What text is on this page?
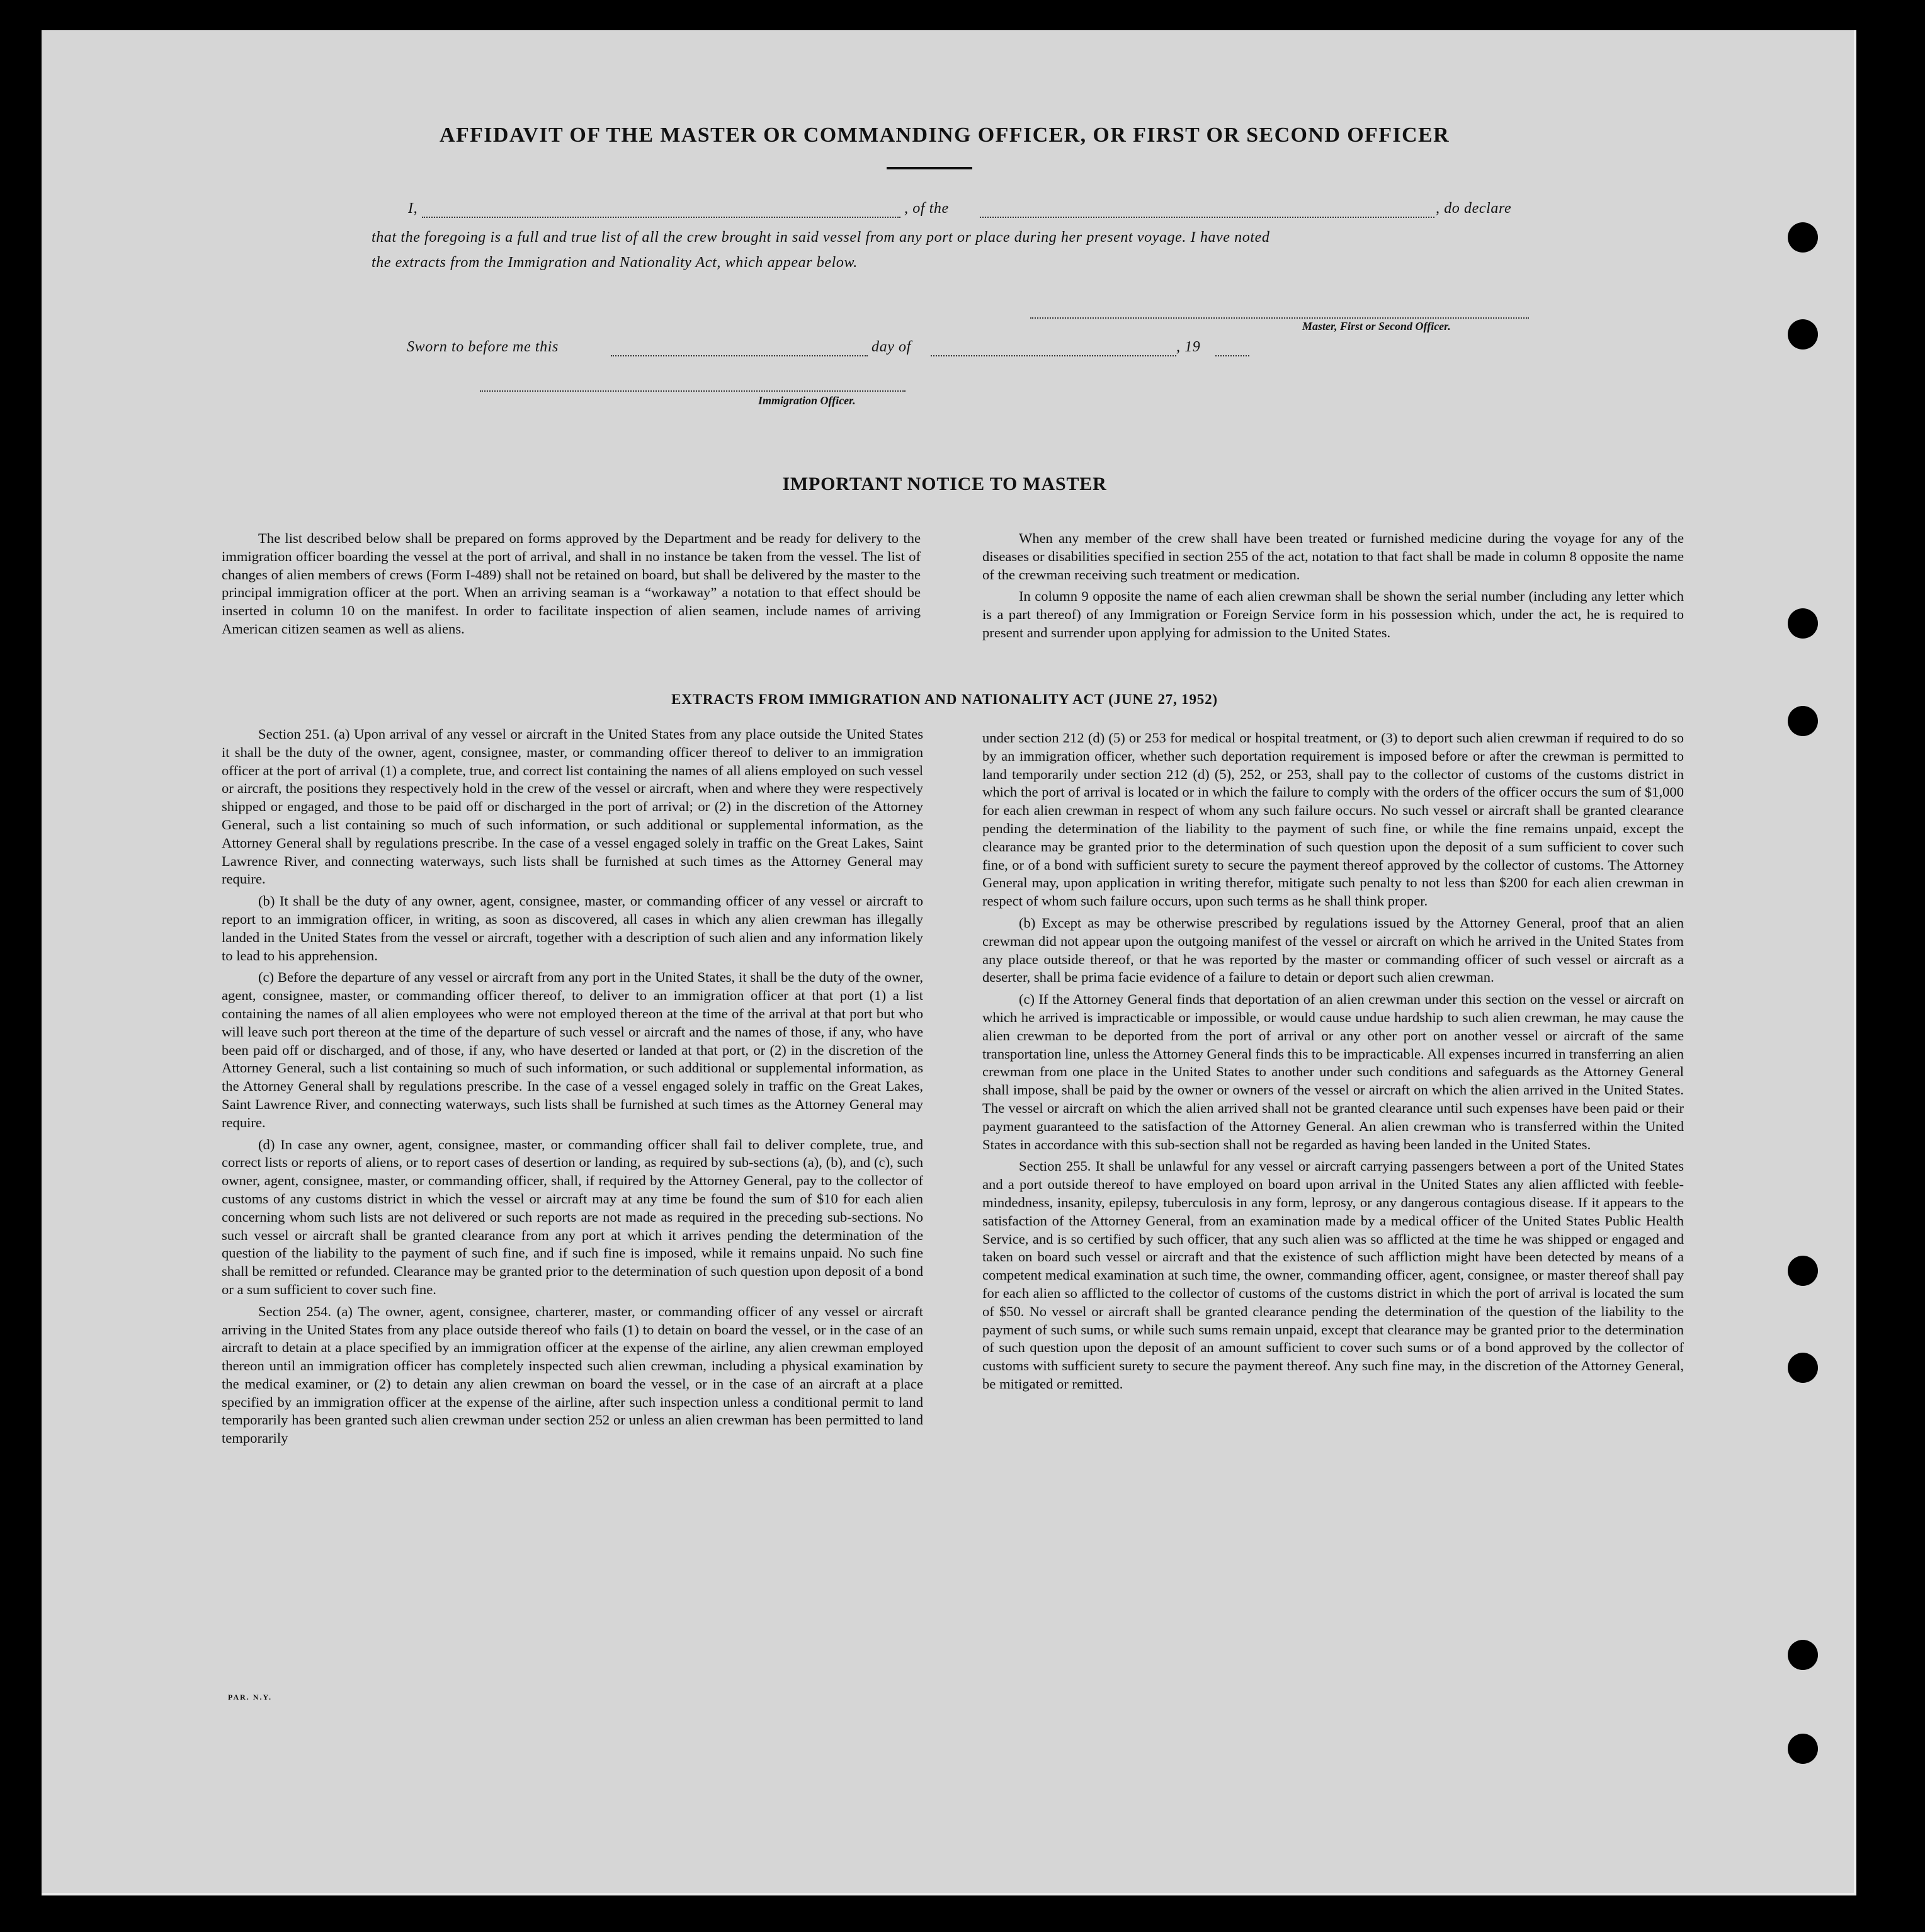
AFFIDAVIT OF THE MASTER OR COMMANDING OFFICER, OR FIRST OR SECOND OFFICER
I,	, of the	, do declare
that the foregoing is a full and true list of all the crew brought in said vessel from any port or place during her present voyage. I have noted
the extracts from the Immigration and Nationality Act, which appear below.
Master, First or Second Officer.
Sworn to before me this	day of	, 19
Immigration Officer.
IMPORTANT NOTICE TO MASTER

The list described below shall be prepared on forms approved by the Department and be ready for delivery to the immigration officer boarding the vessel at the port of arrival, and shall in no instance be taken from the vessel. The list of changes of alien members of crews (Form I-489) shall not be retained on board, but shall be delivered by the master to the principal immigration officer at the port. When an arriving seaman is a “workaway” a notation to that effect should be inserted in column 10 on the manifest. In order to facilitate inspection of alien seamen, include names of arriving American citizen seamen as well as aliens.

When any member of the crew shall have been treated or furnished medicine during the voyage for any of the diseases or disabilities specified in section 255 of the act, notation to that fact shall be made in column 8 opposite the name of the crewman receiving such treatment or medication.

In column 9 opposite the name of each alien crewman shall be shown the serial number (including any letter which is a part thereof) of any Immigration or Foreign Service form in his possession which, under the act, he is required to present and surrender upon applying for admission to the United States.

EXTRACTS FROM IMMIGRATION AND NATIONALITY ACT (JUNE 27, 1952)

Section 251. (a) Upon arrival of any vessel or aircraft in the United States from any place outside the United States it shall be the duty of the owner, agent, consignee, master, or commanding officer thereof to deliver to an immigration officer at the port of arrival (1) a complete, true, and correct list containing the names of all aliens employed on such vessel or aircraft, the positions they respectively hold in the crew of the vessel or aircraft, when and where they were respectively shipped or engaged, and those to be paid off or discharged in the port of arrival; or (2) in the discretion of the Attorney General, such a list containing so much of such information, or such additional or supplemental information, as the Attorney General shall by regulations prescribe. In the case of a vessel engaged solely in traffic on the Great Lakes, Saint Lawrence River, and connecting waterways, such lists shall be furnished at such times as the Attorney General may require.

(b) It shall be the duty of any owner, agent, consignee, master, or commanding officer of any vessel or aircraft to report to an immigration officer, in writing, as soon as discovered, all cases in which any alien crewman has illegally landed in the United States from the vessel or aircraft, together with a description of such alien and any information likely to lead to his apprehension.

(c) Before the departure of any vessel or aircraft from any port in the United States, it shall be the duty of the owner, agent, consignee, master, or commanding officer thereof, to deliver to an immigration officer at that port (1) a list containing the names of all alien employees who were not employed thereon at the time of the arrival at that port but who will leave such port thereon at the time of the departure of such vessel or aircraft and the names of those, if any, who have been paid off or discharged, and of those, if any, who have deserted or landed at that port, or (2) in the discretion of the Attorney General, such a list containing so much of such information, or such additional or supplemental information, as the Attorney General shall by regulations prescribe. In the case of a vessel engaged solely in traffic on the Great Lakes, Saint Lawrence River, and connecting waterways, such lists shall be furnished at such times as the Attorney General may require.

(d) In case any owner, agent, consignee, master, or commanding officer shall fail to deliver complete, true, and correct lists or reports of aliens, or to report cases of desertion or landing, as required by sub-sections (a), (b), and (c), such owner, agent, consignee, master, or commanding officer, shall, if required by the Attorney General, pay to the collector of customs of any customs district in which the vessel or aircraft may at any time be found the sum of $10 for each alien concerning whom such lists are not delivered or such reports are not made as required in the preceding sub-sections. No such vessel or aircraft shall be granted clearance from any port at which it arrives pending the determination of the question of the liability to the payment of such fine, and if such fine is imposed, while it remains unpaid. No such fine shall be remitted or refunded. Clearance may be granted prior to the determination of such question upon deposit of a bond or a sum sufficient to cover such fine.

Section 254. (a) The owner, agent, consignee, charterer, master, or commanding officer of any vessel or aircraft arriving in the United States from any place outside thereof who fails (1) to detain on board the vessel, or in the case of an aircraft to detain at a place specified by an immigration officer at the expense of the airline, any alien crewman employed thereon until an immigration officer has completely inspected such alien crewman, including a physical examination by the medical examiner, or (2) to detain any alien crewman on board the vessel, or in the case of an aircraft at a place specified by an immigration officer at the expense of the airline, after such inspection unless a conditional permit to land temporarily has been granted such alien crewman under section 252 or unless an alien crewman has been permitted to land temporarily

under section 212 (d) (5) or 253 for medical or hospital treatment, or (3) to deport such alien crewman if required to do so by an immigration officer, whether such deportation requirement is imposed before or after the crewman is permitted to land temporarily under section 212 (d) (5), 252, or 253, shall pay to the collector of customs of the customs district in which the port of arrival is located or in which the failure to comply with the orders of the officer occurs the sum of $1,000 for each alien crewman in respect of whom any such failure occurs. No such vessel or aircraft shall be granted clearance pending the determination of the liability to the payment of such fine, or while the fine remains unpaid, except the clearance may be granted prior to the determination of such question upon the deposit of a sum sufficient to cover such fine, or of a bond with sufficient surety to secure the payment thereof approved by the collector of customs. The Attorney General may, upon application in writing therefor, mitigate such penalty to not less than $200 for each alien crewman in respect of whom such failure occurs, upon such terms as he shall think proper.

(b) Except as may be otherwise prescribed by regulations issued by the Attorney General, proof that an alien crewman did not appear upon the outgoing manifest of the vessel or aircraft on which he arrived in the United States from any place outside thereof, or that he was reported by the master or commanding officer of such vessel or aircraft as a deserter, shall be prima facie evidence of a failure to detain or deport such alien crewman.

(c) If the Attorney General finds that deportation of an alien crewman under this section on the vessel or aircraft on which he arrived is impracticable or impossible, or would cause undue hardship to such alien crewman, he may cause the alien crewman to be deported from the port of arrival or any other port on another vessel or aircraft of the same transportation line, unless the Attorney General finds this to be impracticable. All expenses incurred in transferring an alien crewman from one place in the United States to another under such conditions and safeguards as the Attorney General shall impose, shall be paid by the owner or owners of the vessel or aircraft on which the alien arrived in the United States. The vessel or aircraft on which the alien arrived shall not be granted clearance until such expenses have been paid or their payment guaranteed to the satisfaction of the Attorney General. An alien crewman who is transferred within the United States in accordance with this sub-section shall not be regarded as having been landed in the United States.

Section 255. It shall be unlawful for any vessel or aircraft carrying passengers between a port of the United States and a port outside thereof to have employed on board upon arrival in the United States any alien afflicted with feeble-mindedness, insanity, epilepsy, tuberculosis in any form, leprosy, or any dangerous contagious disease. If it appears to the satisfaction of the Attorney General, from an examination made by a medical officer of the United States Public Health Service, and is so certified by such officer, that any such alien was so afflicted at the time he was shipped or engaged and taken on board such vessel or aircraft and that the existence of such affliction might have been detected by means of a competent medical examination at such time, the owner, commanding officer, agent, consignee, or master thereof shall pay for each alien so afflicted to the collector of customs of the customs district in which the port of arrival is located the sum of $50. No vessel or aircraft shall be granted clearance pending the determination of the question of the liability to the payment of such sums, or while such sums remain unpaid, except that clearance may be granted prior to the determination of such question upon the deposit of an amount sufficient to cover such sums or of a bond approved by the collector of customs with sufficient surety to secure the payment thereof. Any such fine may, in the discretion of the Attorney General, be mitigated or remitted.

PAR. N.Y.
